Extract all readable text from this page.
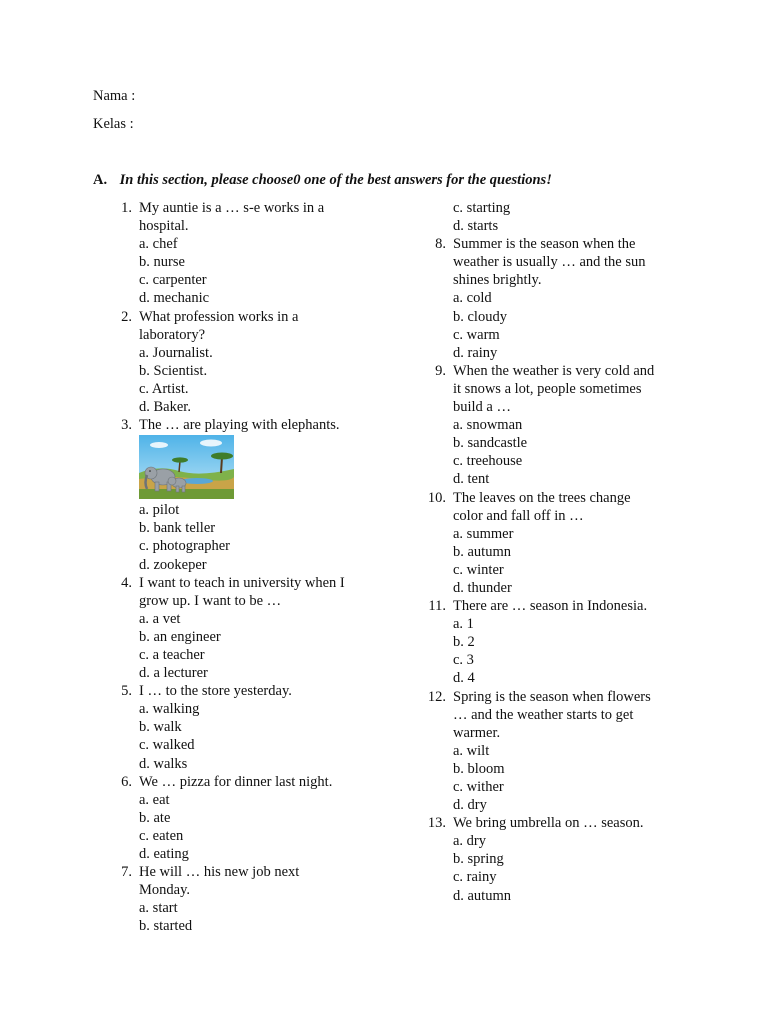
Nama :
Kelas :
A. In this section, please choose0 one of the best answers for the questions!
1. My auntie is a … s-e works in a
hospital.
a. chef
b. nurse
c. carpenter
d. mechanic
2. What profession works in a
laboratory?
a. Journalist.
b. Scientist.
c. Artist.
d. Baker.
3. The … are playing with elephants.
a. pilot
b. bank teller
c. photographer
d. zookeper
4. I want to teach in university when I
grow up. I want to be …
a. a vet
b. an engineer
c. a teacher
d. a lecturer
5. I … to the store yesterday.
a. walking
b. walk
c. walked
d. walks
6. We … pizza for dinner last night.
a. eat
b. ate
c. eaten
d. eating
7. He will … his new job next
Monday.
a. start
b. started
c. starting
d. starts
8. Summer is the season when the
weather is usually … and the sun
shines brightly.
a. cold
b. cloudy
c. warm
d. rainy
9. When the weather is very cold and
it snows a lot, people sometimes
build a …
a. snowman
b. sandcastle
c. treehouse
d. tent
10. The leaves on the trees change
color and fall off in …
a. summer
b. autumn
c. winter
d. thunder
11. There are … season in Indonesia.
a. 1
b. 2
c. 3
d. 4
12. Spring is the season when flowers
… and the weather starts to get
warmer.
a. wilt
b. bloom
c. wither
d. dry
13. We bring umbrella on … season.
a. dry
b. spring
c. rainy
d. autumn
